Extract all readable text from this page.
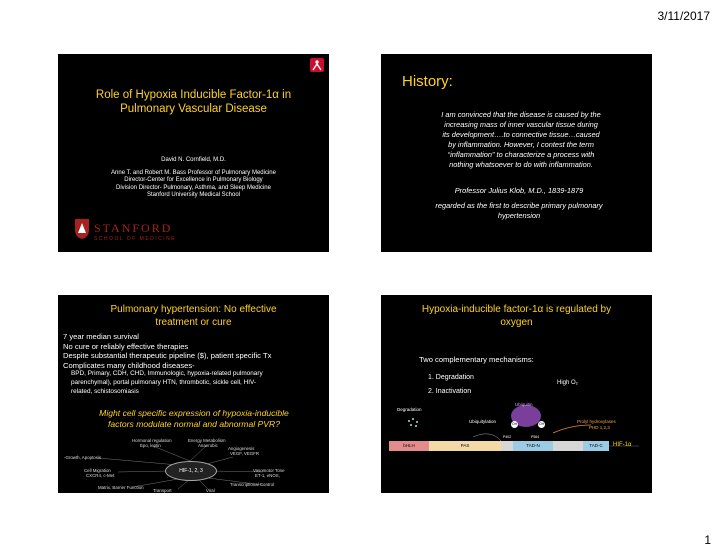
3/11/2017
Role of Hypoxia Inducible Factor-1α in
Pulmonary Vascular Disease
David N. Cornfield, M.D.
Anne T. and Robert M. Bass Professor of Pulmonary Medicine
Director-Center for Excellence in Pulmonary Biology
Division Director- Pulmonary, Asthma, and Sleep Medicine
Stanford University Medical School
STANFORD
SCHOOL OF MEDICINE
History:
I am convinced that the disease is caused by the
increasing mass of inner vascular tissue during
its development….to connective tissue…caused
by inflammation. However, I contest the term
“inflammation” to characterize a process with
nothing whatsoever to do with inflammation.
Professor Julius Klob, M.D., 1839-1879
regarded as the first to describe primary pulmonary
hypertension
Pulmonary hypertension: No effective
treatment or cure
7 year median survival
No cure or reliably effective therapies
Despite substantial therapeutic pipeline ($), patient specific Tx
Complicates many childhood diseases-
BPD, Primary, CDH, CHD, Immunologic, hypoxia-related pulmonary
parenchymal), portal pulmonary HTN, thrombotic, sickle cell, HIV-
related, schistosomiasis
Might cell specific expression of hypoxia-inducible
factors modulate normal and abnormal PVR?
Hormonal regulation
Epo, leptin
Energy Metabolism
Anaerobic
Angiogenesis
VEGF, VEGFR
-Growth, Apoptosis
Cell Migration
CXCR4, c-Met
Vasomotor Tone
ET-1, eNOS,
Matrix, Barrier Function
Transport	Viral
Transcriptional Control
HIF-1, 2, 3
Hypoxia-inducible factor-1α is regulated by
oxygen
Two complementary mechanisms:
1. Degradation
2. Inactivation
High O₂
Degradation
Ubiquitylation
Ubiquitin
Prolyl hydroxylases
PHD 1,2,3
OH	OH
P402	P564
bHLH	PAS	TAD-N	TAD-C	HIF-1α
1
